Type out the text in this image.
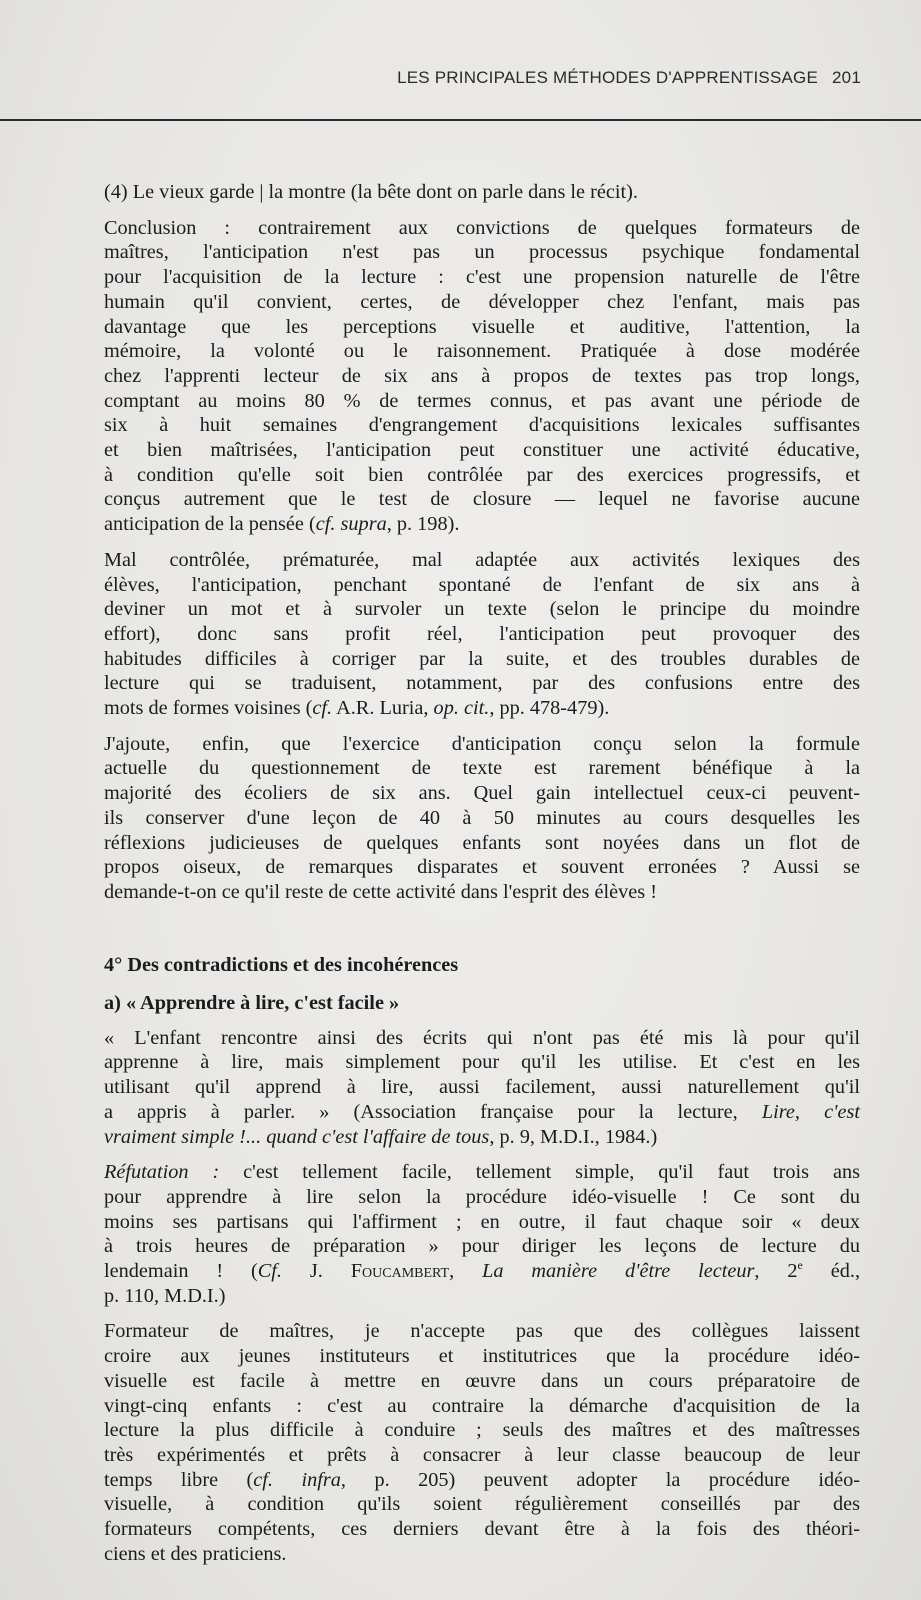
LES PRINCIPALES MÉTHODES D'APPRENTISSAGE 201

(4) Le vieux garde | la montre (la bête dont on parle dans le récit).

Conclusion : contrairement aux convictions de quelques formateurs de
maîtres, l'anticipation n'est pas un processus psychique fondamental
pour l'acquisition de la lecture : c'est une propension naturelle de l'être
humain qu'il convient, certes, de développer chez l'enfant, mais pas
davantage que les perceptions visuelle et auditive, l'attention, la
mémoire, la volonté ou le raisonnement. Pratiquée à dose modérée
chez l'apprenti lecteur de six ans à propos de textes pas trop longs,
comptant au moins 80 % de termes connus, et pas avant une période de
six à huit semaines d'engrangement d'acquisitions lexicales suffisantes
et bien maîtrisées, l'anticipation peut constituer une activité éducative,
à condition qu'elle soit bien contrôlée par des exercices progressifs, et
conçus autrement que le test de closure — lequel ne favorise aucune
anticipation de la pensée (cf. supra, p. 198).

Mal contrôlée, prématurée, mal adaptée aux activités lexiques des
élèves, l'anticipation, penchant spontané de l'enfant de six ans à
deviner un mot et à survoler un texte (selon le principe du moindre
effort), donc sans profit réel, l'anticipation peut provoquer des
habitudes difficiles à corriger par la suite, et des troubles durables de
lecture qui se traduisent, notamment, par des confusions entre des
mots de formes voisines (cf. A.R. Luria, op. cit., pp. 478-479).

J'ajoute, enfin, que l'exercice d'anticipation conçu selon la formule
actuelle du questionnement de texte est rarement bénéfique à la
majorité des écoliers de six ans. Quel gain intellectuel ceux-ci peuvent-
ils conserver d'une leçon de 40 à 50 minutes au cours desquelles les
réflexions judicieuses de quelques enfants sont noyées dans un flot de
propos oiseux, de remarques disparates et souvent erronées ? Aussi se
demande-t-on ce qu'il reste de cette activité dans l'esprit des élèves !

4° Des contradictions et des incohérences
a) « Apprendre à lire, c'est facile »

« L'enfant rencontre ainsi des écrits qui n'ont pas été mis là pour qu'il
apprenne à lire, mais simplement pour qu'il les utilise. Et c'est en les
utilisant qu'il apprend à lire, aussi facilement, aussi naturellement qu'il
a appris à parler. » (Association française pour la lecture, Lire, c'est
vraiment simple !... quand c'est l'affaire de tous, p. 9, M.D.I., 1984.)

Réfutation : c'est tellement facile, tellement simple, qu'il faut trois ans
pour apprendre à lire selon la procédure idéo-visuelle ! Ce sont du
moins ses partisans qui l'affirment ; en outre, il faut chaque soir « deux
à trois heures de préparation » pour diriger les leçons de lecture du
lendemain ! (Cf. J. Foucambert, La manière d'être lecteur, 2e éd.,
p. 110, M.D.I.)

Formateur de maîtres, je n'accepte pas que des collègues laissent
croire aux jeunes instituteurs et institutrices que la procédure idéo-
visuelle est facile à mettre en œuvre dans un cours préparatoire de
vingt-cinq enfants : c'est au contraire la démarche d'acquisition de la
lecture la plus difficile à conduire ; seuls des maîtres et des maîtresses
très expérimentés et prêts à consacrer à leur classe beaucoup de leur
temps libre (cf. infra, p. 205) peuvent adopter la procédure idéo-
visuelle, à condition qu'ils soient régulièrement conseillés par des
formateurs compétents, ces derniers devant être à la fois des théori-
ciens et des praticiens.
